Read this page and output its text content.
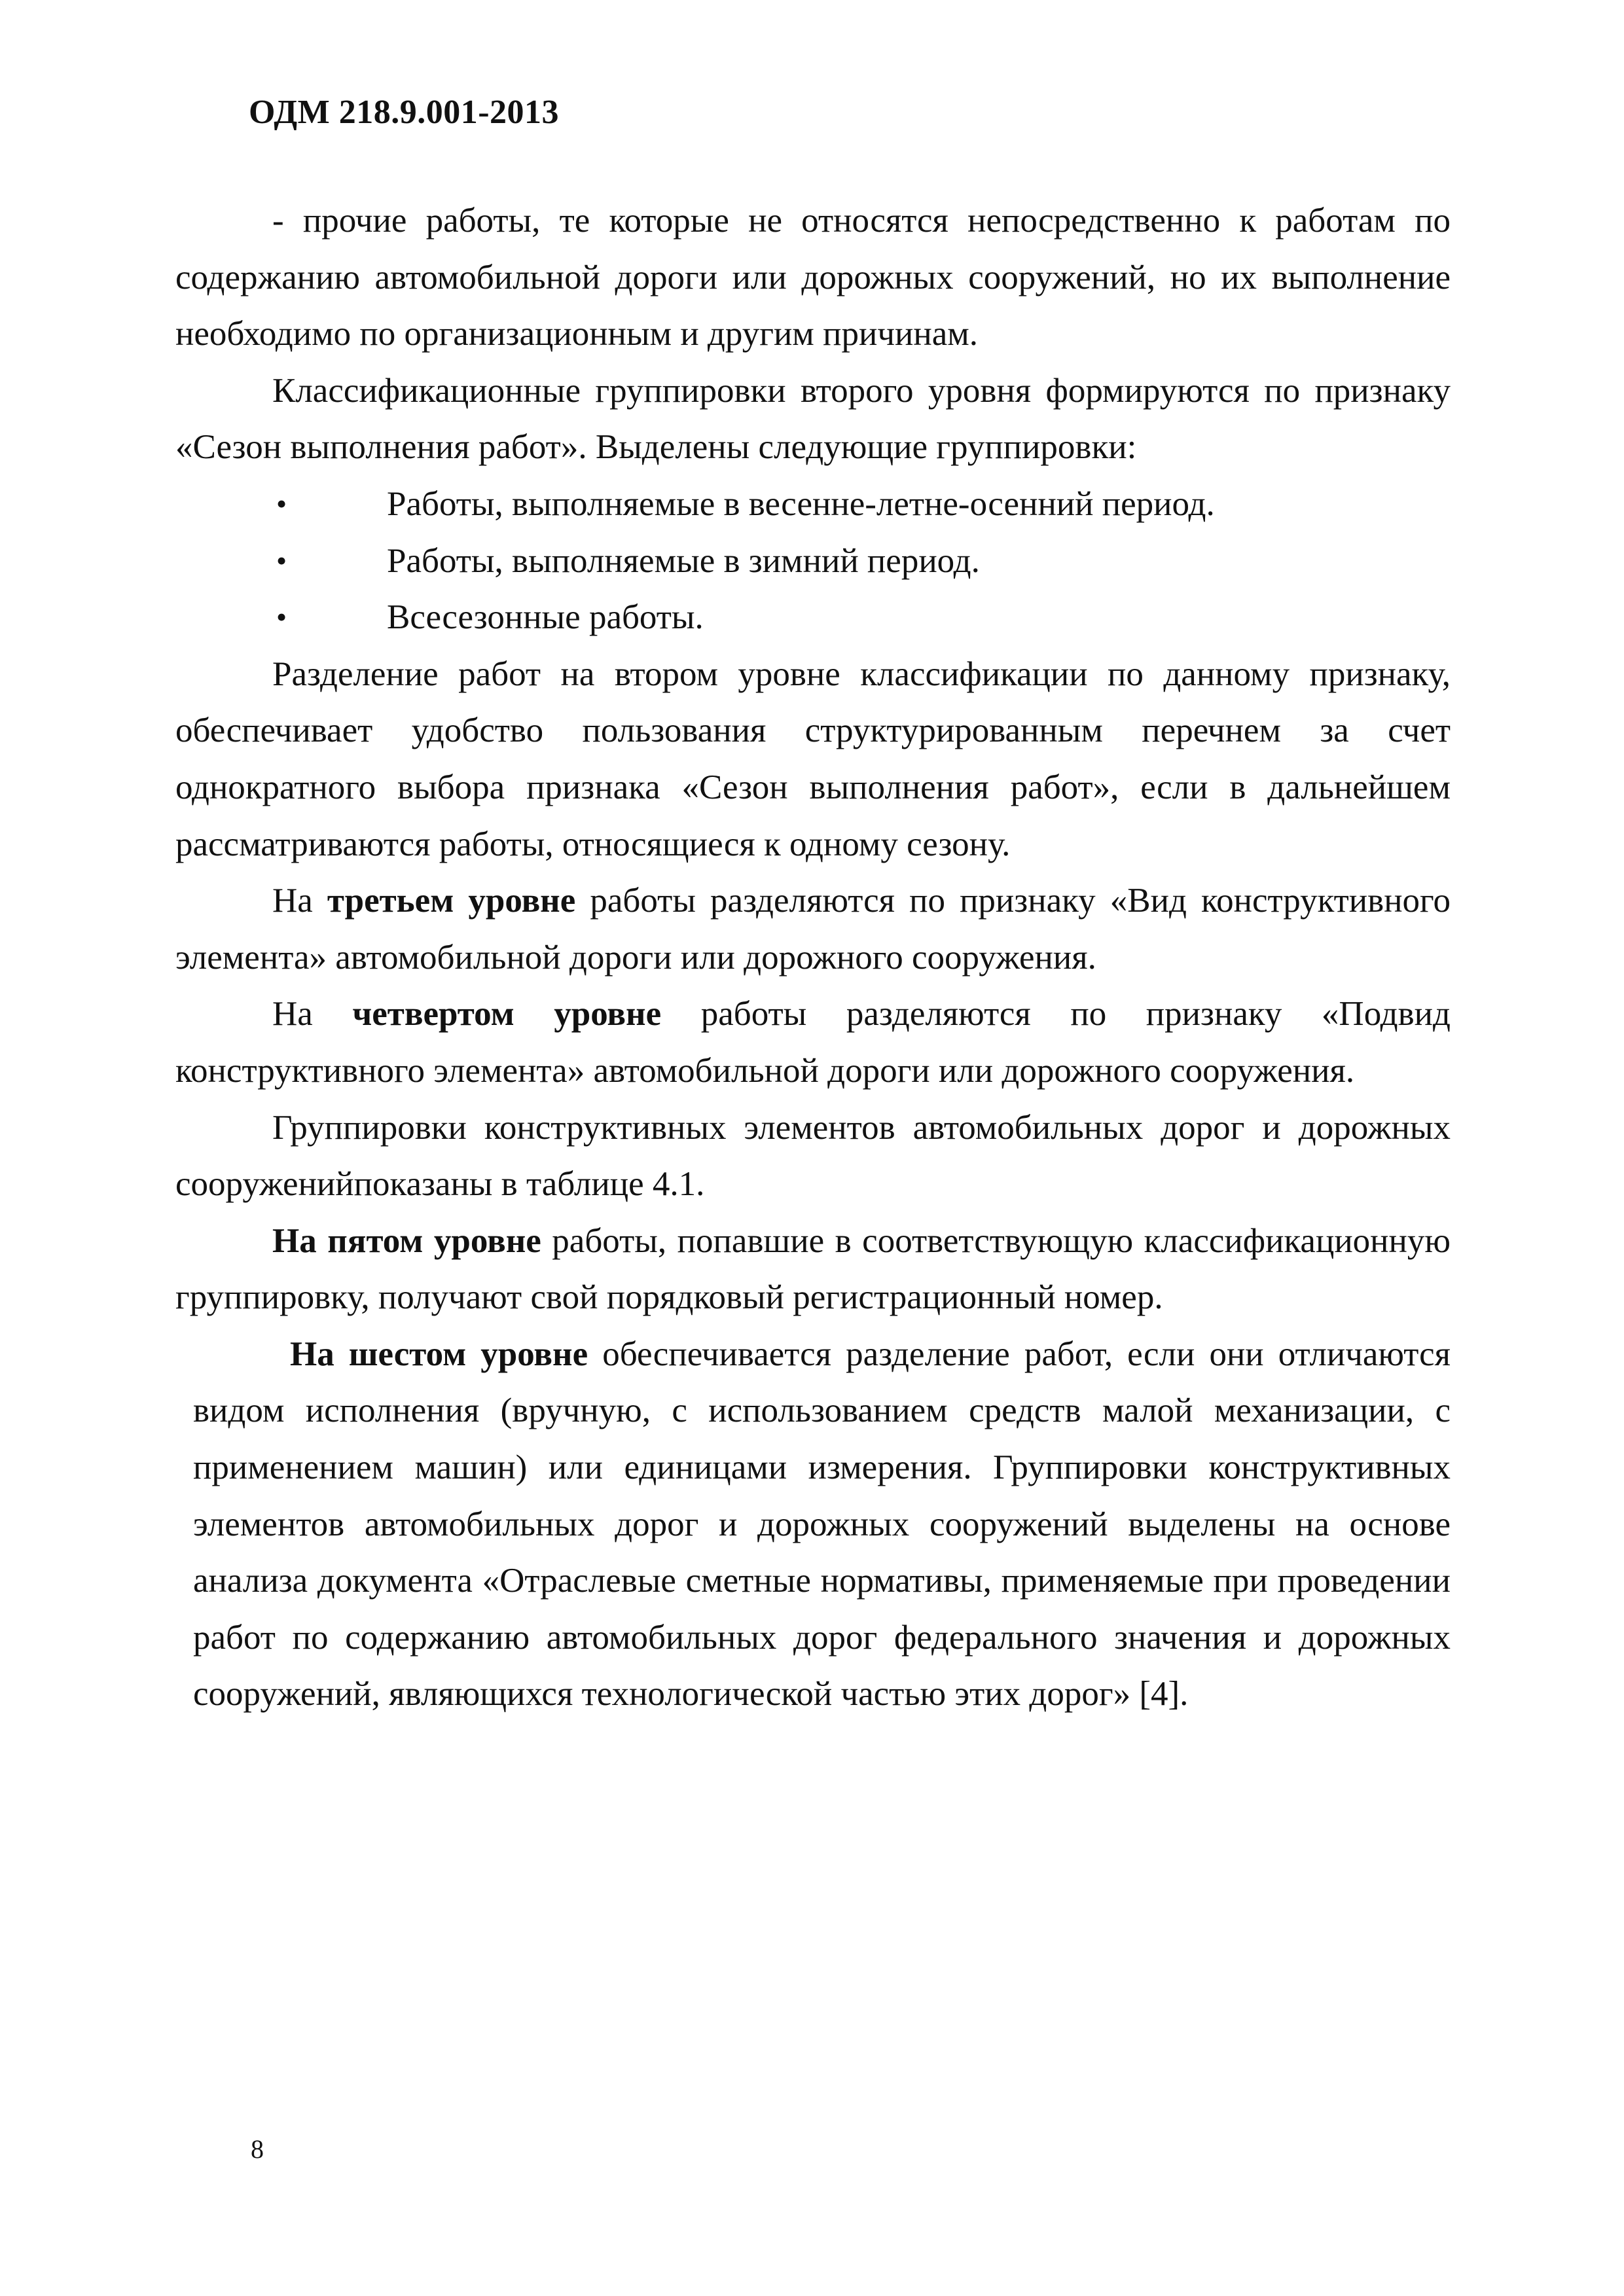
ОДМ 218.9.001-2013

- прочие работы, те которые не относятся непосредственно к работам по содержанию автомобильной дороги или дорожных сооружений, но их выполнение необходимо по организационным и другим причинам.

Классификационные группировки второго уровня формируются по признаку «Сезон выполнения работ». Выделены следующие группировки:

•	Работы, выполняемые в весенне-летне-осенний период.
•	Работы, выполняемые в зимний период.
•	Всесезонные работы.

Разделение работ на втором уровне классификации по данному признаку, обеспечивает удобство пользования структурированным перечнем за счет однократного выбора признака «Сезон выполнения работ», если в дальнейшем рассматриваются работы, относящиеся к одному сезону.

На третьем уровне работы разделяются по признаку «Вид конструктивного элемента» автомобильной дороги или дорожного сооружения.

На четвертом уровне работы разделяются по признаку «Подвид конструктивного элемента» автомобильной дороги или дорожного сооружения.

Группировки конструктивных элементов автомобильных дорог и дорожных сооруженийпоказаны в таблице 4.1.

На пятом уровне работы, попавшие в соответствующую классификационную группировку, получают свой порядковый регистрационный номер.

На шестом уровне обеспечивается разделение работ, если они отличаются видом исполнения (вручную, с использованием средств малой механизации, с применением машин) или единицами измерения. Группировки конструктивных элементов автомобильных дорог и дорожных сооружений выделены на основе анализа документа «Отраслевые сметные нормативы, применяемые при проведении работ по содержанию автомобильных дорог федерального значения и дорожных сооружений, являющихся технологической частью этих дорог» [4].

8
